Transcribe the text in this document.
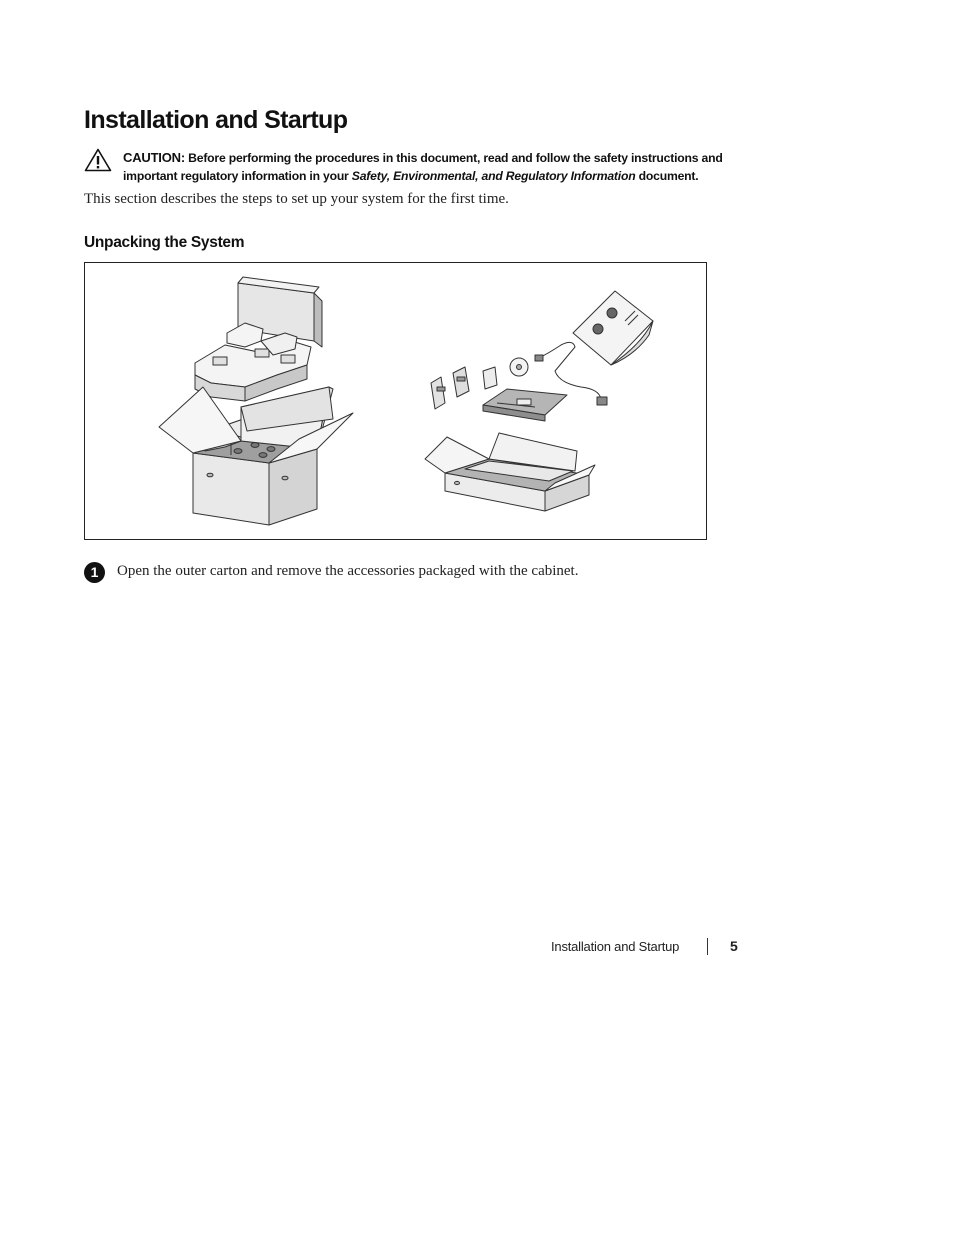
Installation and Startup
CAUTION: Before performing the procedures in this document, read and follow the safety instructions and important regulatory information in your Safety, Environmental, and Regulatory Information document.

This section describes the steps to set up your system for the first time.

Unpacking the System
1	Open the outer carton and remove the accessories packaged with the cabinet.
Installation and Startup	5
